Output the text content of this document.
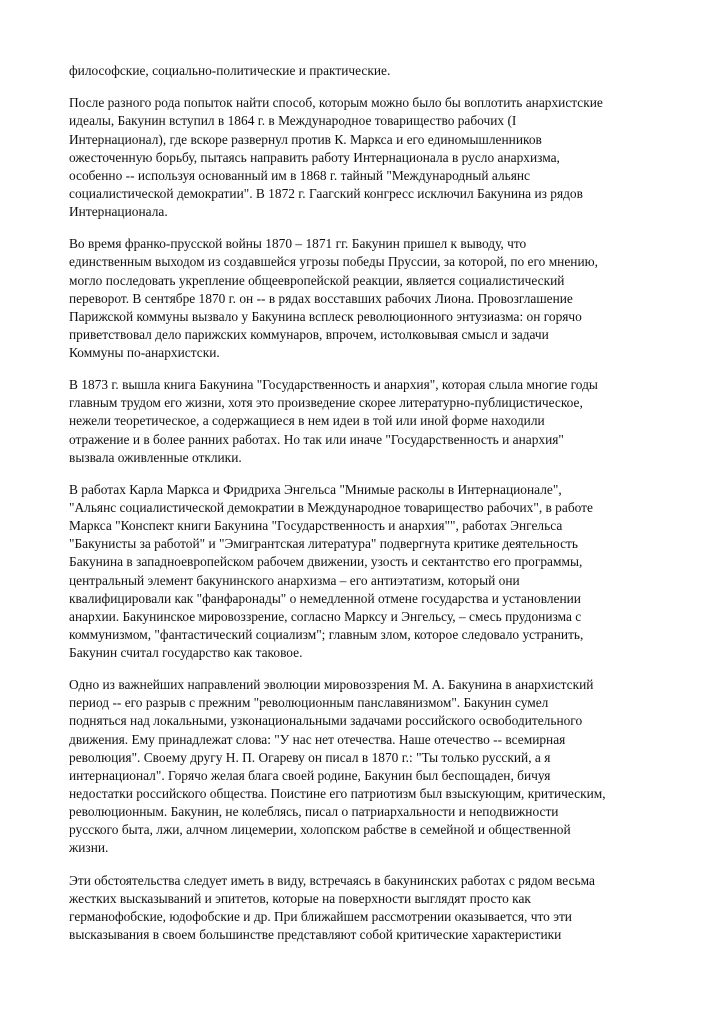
философские, социально-политические и практические.

После разного рода попыток найти способ, которым можно было бы воплотить анархистские
идеалы, Бакунин вступил в 1864 г. в Международное товарищество рабочих (I
Интернационал), где вскоре развернул против К. Маркса и его единомышленников
ожесточенную борьбу, пытаясь направить работу Интернационала в русло анархизма,
особенно -- используя основанный им в 1868 г. тайный "Международный альянс
социалистической демократии". В 1872 г. Гаагский конгресс исключил Бакунина из рядов
Интернационала.

Во время франко-прусской войны 1870 – 1871 гг. Бакунин пришел к выводу, что
единственным выходом из создавшейся угрозы победы Пруссии, за которой, по его мнению,
могло последовать укрепление общеевропейской реакции, является социалистический
переворот. В сентябре 1870 г. он -- в рядах восставших рабочих Лиона. Провозглашение
Парижской коммуны вызвало у Бакунина всплеск революционного энтузиазма: он горячо
приветствовал дело парижских коммунаров, впрочем, истолковывая смысл и задачи
Коммуны по-анархистски.

В 1873 г. вышла книга Бакунина "Государственность и анархия", которая слыла многие годы
главным трудом его жизни, хотя это произведение скорее литературно-публицистическое,
нежели теоретическое, а содержащиеся в нем идеи в той или иной форме находили
отражение и в более ранних работах. Но так или иначе "Государственность и анархия"
вызвала оживленные отклики.

В работах Карла Маркса и Фридриха Энгельса "Мнимые расколы в Интернационале",
"Альянс социалистической демократии в Международное товарищество рабочих", в работе
Маркса "Конспект книги Бакунина "Государственность и анархия"", работах Энгельса
"Бакунисты за работой" и "Эмигрантская литература" подвергнута критике деятельность
Бакунина в западноевропейском рабочем движении, узость и сектантство его программы,
центральный элемент бакунинского анархизма – его антиэтатизм, который они
квалифицировали как "фанфаронады" о немедленной отмене государства и установлении
анархии. Бакунинское мировоззрение, согласно Марксу и Энгельсу, – смесь прудонизма с
коммунизмом, "фантастический социализм"; главным злом, которое следовало устранить,
Бакунин считал государство как таковое.

Одно из важнейших направлений эволюции мировоззрения М. А. Бакунина в анархистский
период -- его разрыв с прежним "революционным панславянизмом". Бакунин сумел
подняться над локальными, узконациональными задачами российского освободительного
движения. Ему принадлежат слова: "У нас нет отечества. Наше отечество -- всемирная
революция". Своему другу Н. П. Огареву он писал в 1870 г.: "Ты только русский, а я
интернационал". Горячо желая блага своей родине, Бакунин был беспощаден, бичуя
недостатки российского общества. Поистине его патриотизм был взыскующим, критическим,
революционным. Бакунин, не колеблясь, писал о патриархальности и неподвижности
русского быта, лжи, алчном лицемерии, холопском рабстве в семейной и общественной
жизни.

Эти обстоятельства следует иметь в виду, встречаясь в бакунинских работах с рядом весьма
жестких высказываний и эпитетов, которые на поверхности выглядят просто как
германофобские, юдофобские и др. При ближайшем рассмотрении оказывается, что эти
высказывания в своем большинстве представляют собой критические характеристики
